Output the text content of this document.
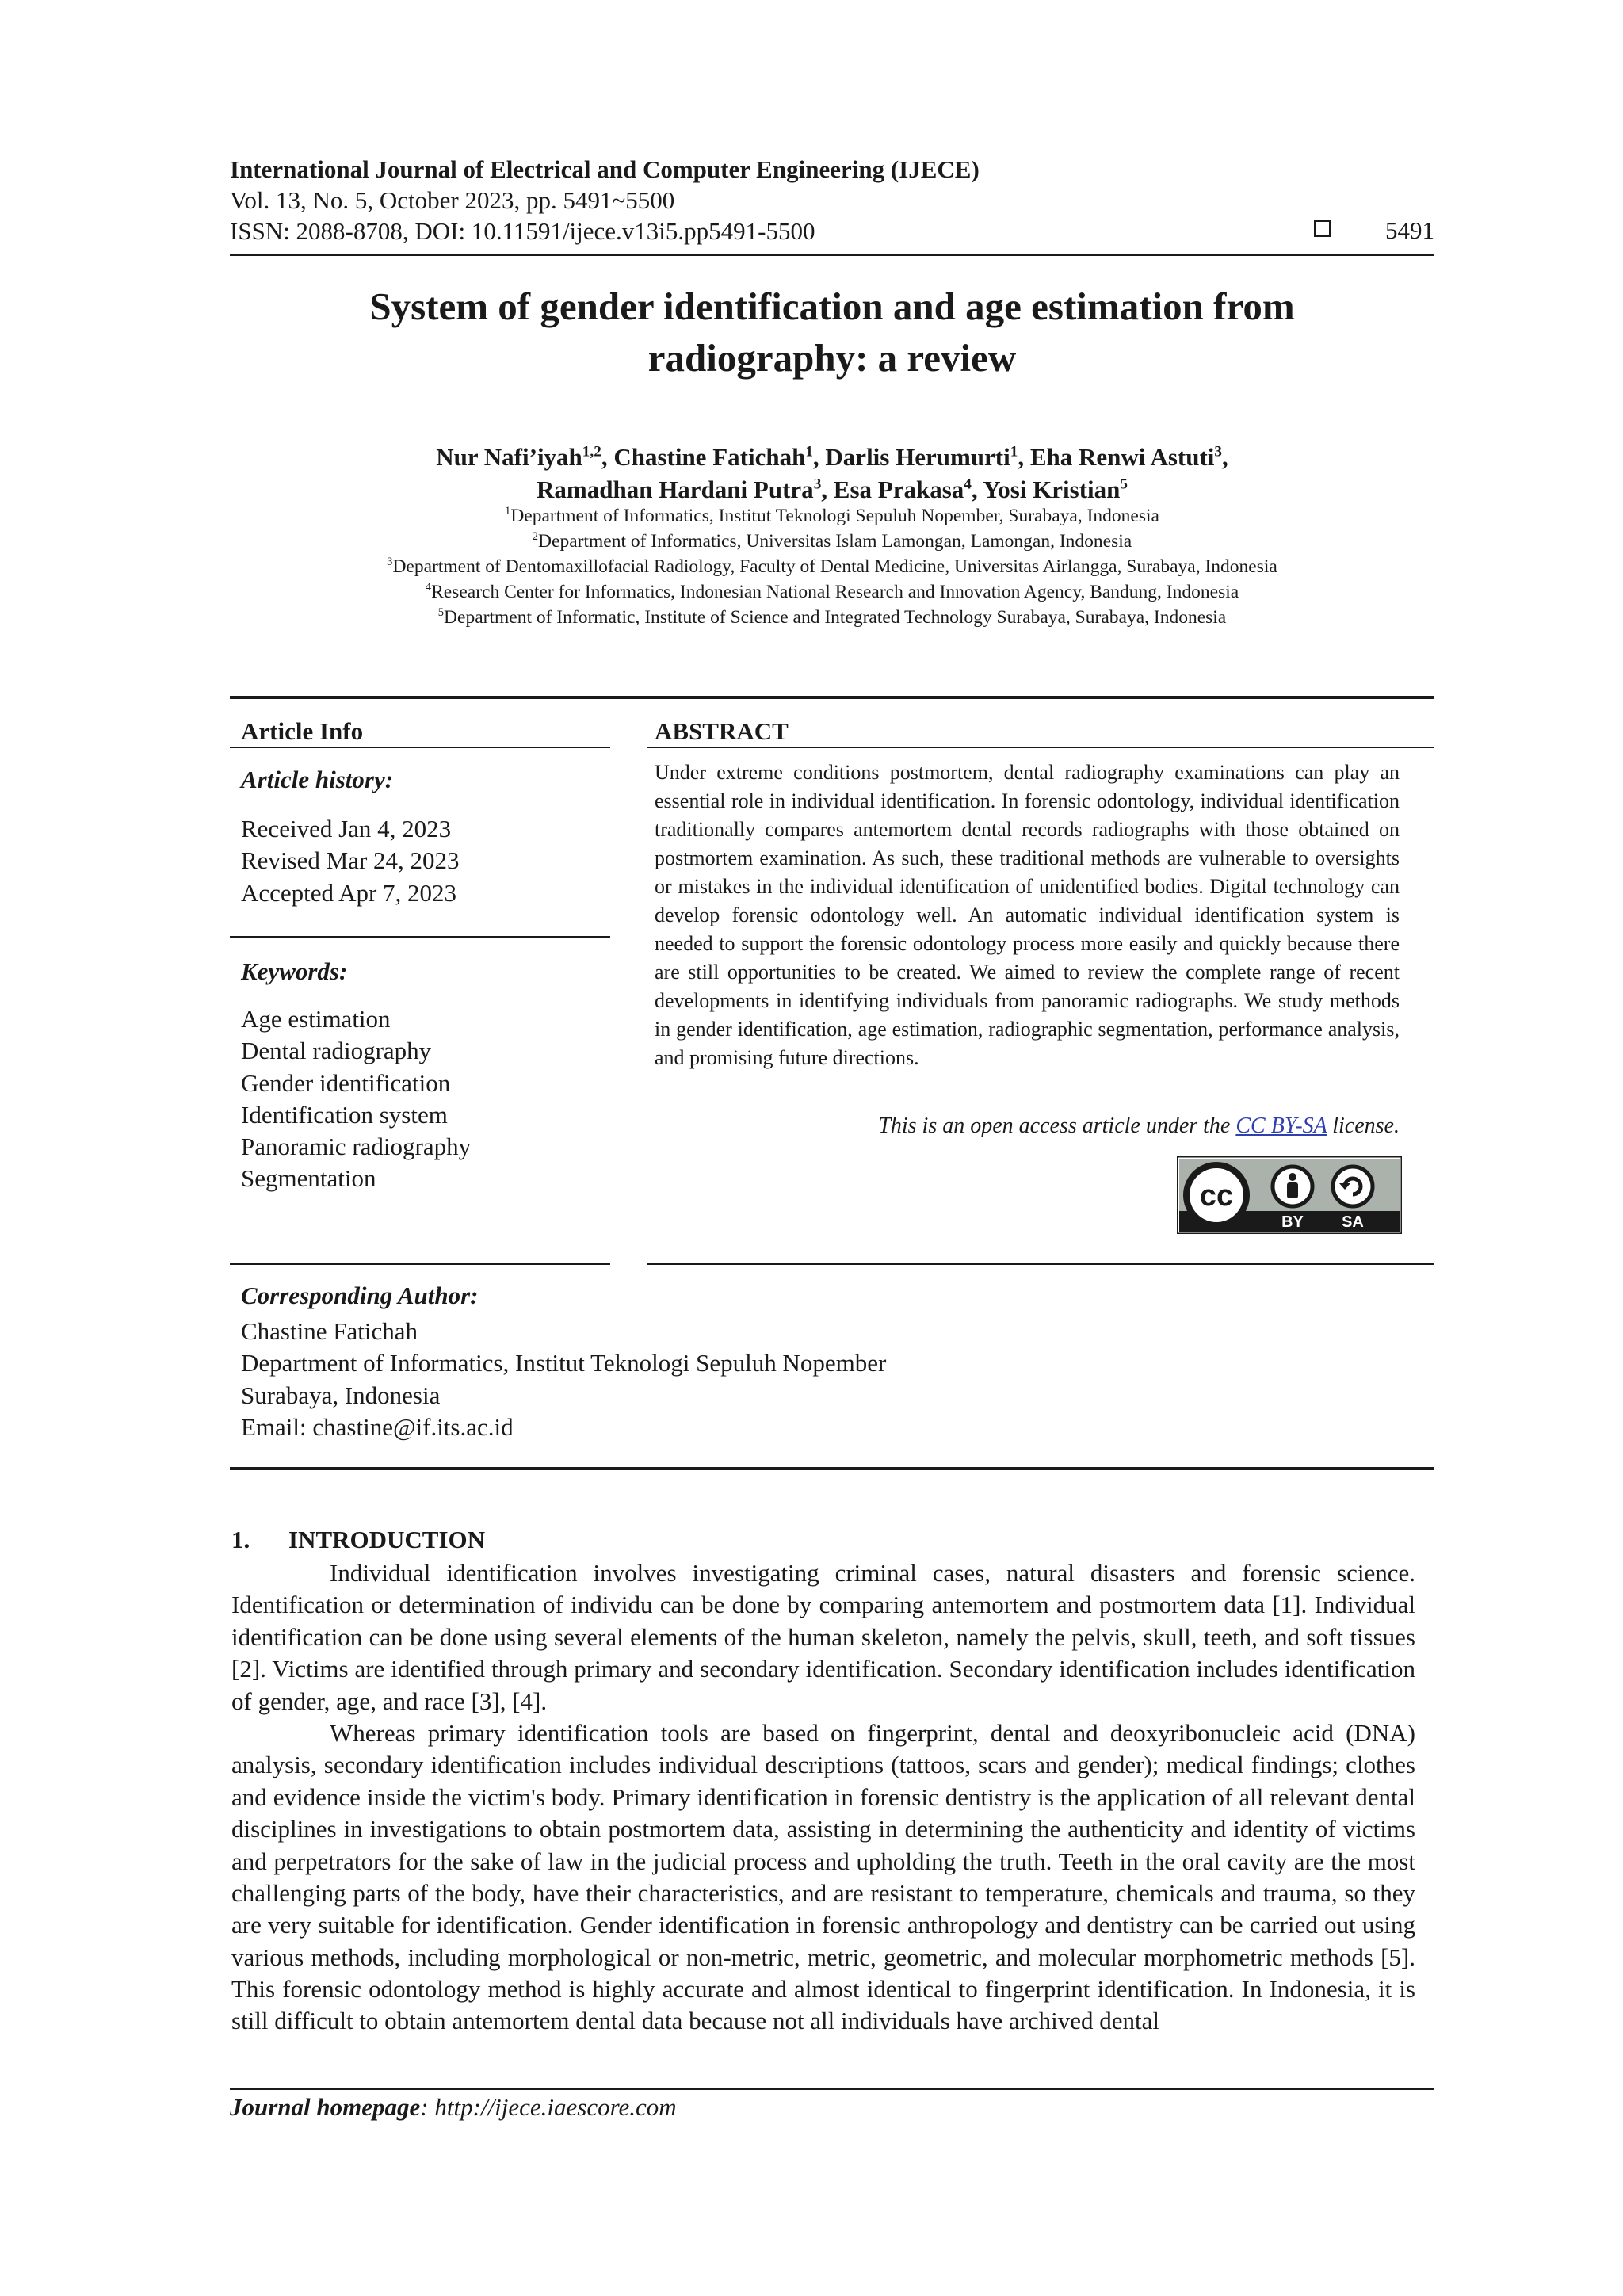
International Journal of Electrical and Computer Engineering (IJECE)
Vol. 13, No. 5, October 2023, pp. 5491~5500
ISSN: 2088-8708, DOI: 10.11591/ijece.v13i5.pp5491-5500	5491
System of gender identification and age estimation from
radiography: a review
Nur Nafi’iyah$^{1,2}$, Chastine Fatichah$^1$, Darlis Herumurti$^1$, Eha Renwi Astuti$^3$,
Ramadhan Hardani Putra$^3$, Esa Prakasa$^4$, Yosi Kristian$^5$
$^1$Department of Informatics, Institut Teknologi Sepuluh Nopember, Surabaya, Indonesia
$^2$Department of Informatics, Universitas Islam Lamongan, Lamongan, Indonesia
$^3$Department of Dentomaxillofacial Radiology, Faculty of Dental Medicine, Universitas Airlangga, Surabaya, Indonesia
$^4$Research Center for Informatics, Indonesian National Research and Innovation Agency, Bandung, Indonesia
$^5$Department of Informatic, Institute of Science and Integrated Technology Surabaya, Surabaya, Indonesia
Article Info	ABSTRACT
Article history:
Received Jan 4, 2023
Revised Mar 24, 2023
Accepted Apr 7, 2023
Keywords:
Age estimation
Dental radiography
Gender identification
Identification system
Panoramic radiography
Segmentation

Under extreme conditions postmortem, dental radiography examinations can play an essential role in individual identification. In forensic odontology, individual identification traditionally compares antemortem dental records radiographs with those obtained on postmortem examination. As such, these traditional methods are vulnerable to oversights or mistakes in the individual identification of unidentified bodies. Digital technology can develop forensic odontology well. An automatic individual identification system is needed to support the forensic odontology process more easily and quickly because there are still opportunities to be created. We aimed to review the complete range of recent developments in identifying individuals from panoramic radiographs. We study methods in gender identification, age estimation, radiographic segmentation, performance analysis, and promising future directions.

This is an open access article under the CC BY-SA license.
cc
BY SA
Corresponding Author:
Chastine Fatichah
Department of Informatics, Institut Teknologi Sepuluh Nopember
Surabaya, Indonesia
Email: chastine@if.its.ac.id
1. INTRODUCTION

Individual identification involves investigating criminal cases, natural disasters and forensic science. Identification or determination of individu can be done by comparing antemortem and postmortem data [1]. Individual identification can be done using several elements of the human skeleton, namely the pelvis, skull, teeth, and soft tissues [2]. Victims are identified through primary and secondary identification. Secondary identification includes identification of gender, age, and race [3], [4].

Whereas primary identification tools are based on fingerprint, dental and deoxyribonucleic acid (DNA) analysis, secondary identification includes individual descriptions (tattoos, scars and gender); medical findings; clothes and evidence inside the victim's body. Primary identification in forensic dentistry is the application of all relevant dental disciplines in investigations to obtain postmortem data, assisting in determining the authenticity and identity of victims and perpetrators for the sake of law in the judicial process and upholding the truth. Teeth in the oral cavity are the most challenging parts of the body, have their characteristics, and are resistant to temperature, chemicals and trauma, so they are very suitable for identification. Gender identification in forensic anthropology and dentistry can be carried out using various methods, including morphological or non-metric, metric, geometric, and molecular morphometric methods [5]. This forensic odontology method is highly accurate and almost identical to fingerprint identification. In Indonesia, it is still difficult to obtain antemortem dental data because not all individuals have archived dental

Journal homepage: http://ijece.iaescore.com
